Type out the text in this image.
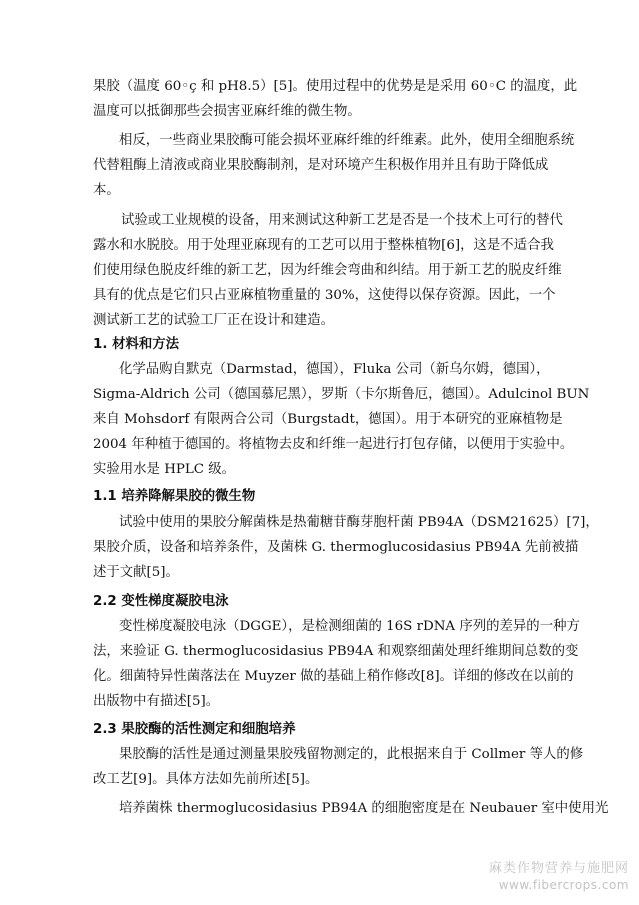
果胶（温度 60◦ç 和 pH8.5）[5]。使用过程中的优势是是采用 60◦C 的温度，此
温度可以抵御那些会损害亚麻纤维的微生物。
相反，一些商业果胶酶可能会损坏亚麻纤维的纤维素。此外，使用全细胞系统
代替粗酶上清液或商业果胶酶制剂，是对环境产生积极作用并且有助于降低成
本。
试验或工业规模的设备，用来测试这种新工艺是否是一个技术上可行的替代
露水和水脱胶。用于处理亚麻现有的工艺可以用于整株植物[6]，这是不适合我
们使用绿色脱皮纤维的新工艺，因为纤维会弯曲和纠结。用于新工艺的脱皮纤维
具有的优点是它们只占亚麻植物重量的 30%，这使得以保存资源。因此，一个
测试新工艺的试验工厂正在设计和建造。
1. 材料和方法
化学品购自默克（Darmstad，德国），Fluka 公司（新乌尔姆，德国），
Sigma-Aldrich 公司（德国慕尼黑），罗斯（卡尔斯鲁厄，德国）。Adulcinol BUN
来自 Mohsdorf 有限两合公司（Burgstadt，德国）。用于本研究的亚麻植物是
2004 年种植于德国的。将植物去皮和纤维一起进行打包存储，以便用于实验中。
实验用水是 HPLC 级。
1.1 培养降解果胶的微生物
试验中使用的果胶分解菌株是热葡糖苷酶芽胞杆菌 PB94A（DSM21625）[7]，
果胶介质，设备和培养条件，及菌株 G. thermoglucosidasius PB94A 先前被描
述于文献[5]。
2.2 变性梯度凝胶电泳
变性梯度凝胶电泳（DGGE），是检测细菌的 16S rDNA 序列的差异的一种方
法，来验证 G. thermoglucosidasius PB94A 和观察细菌处理纤维期间总数的变
化。细菌特异性菌落法在 Muyzer 做的基础上稍作修改[8]。详细的修改在以前的
出版物中有描述[5]。
2.3 果胶酶的活性测定和细胞培养
果胶酶的活性是通过测量果胶残留物测定的，此根据来自于 Collmer 等人的修
改工艺[9]。具体方法如先前所述[5]。
培养菌株 thermoglucosidasius PB94A 的细胞密度是在 Neubauer 室中使用光
麻类作物营养与施肥网
www.fibercrops.com
